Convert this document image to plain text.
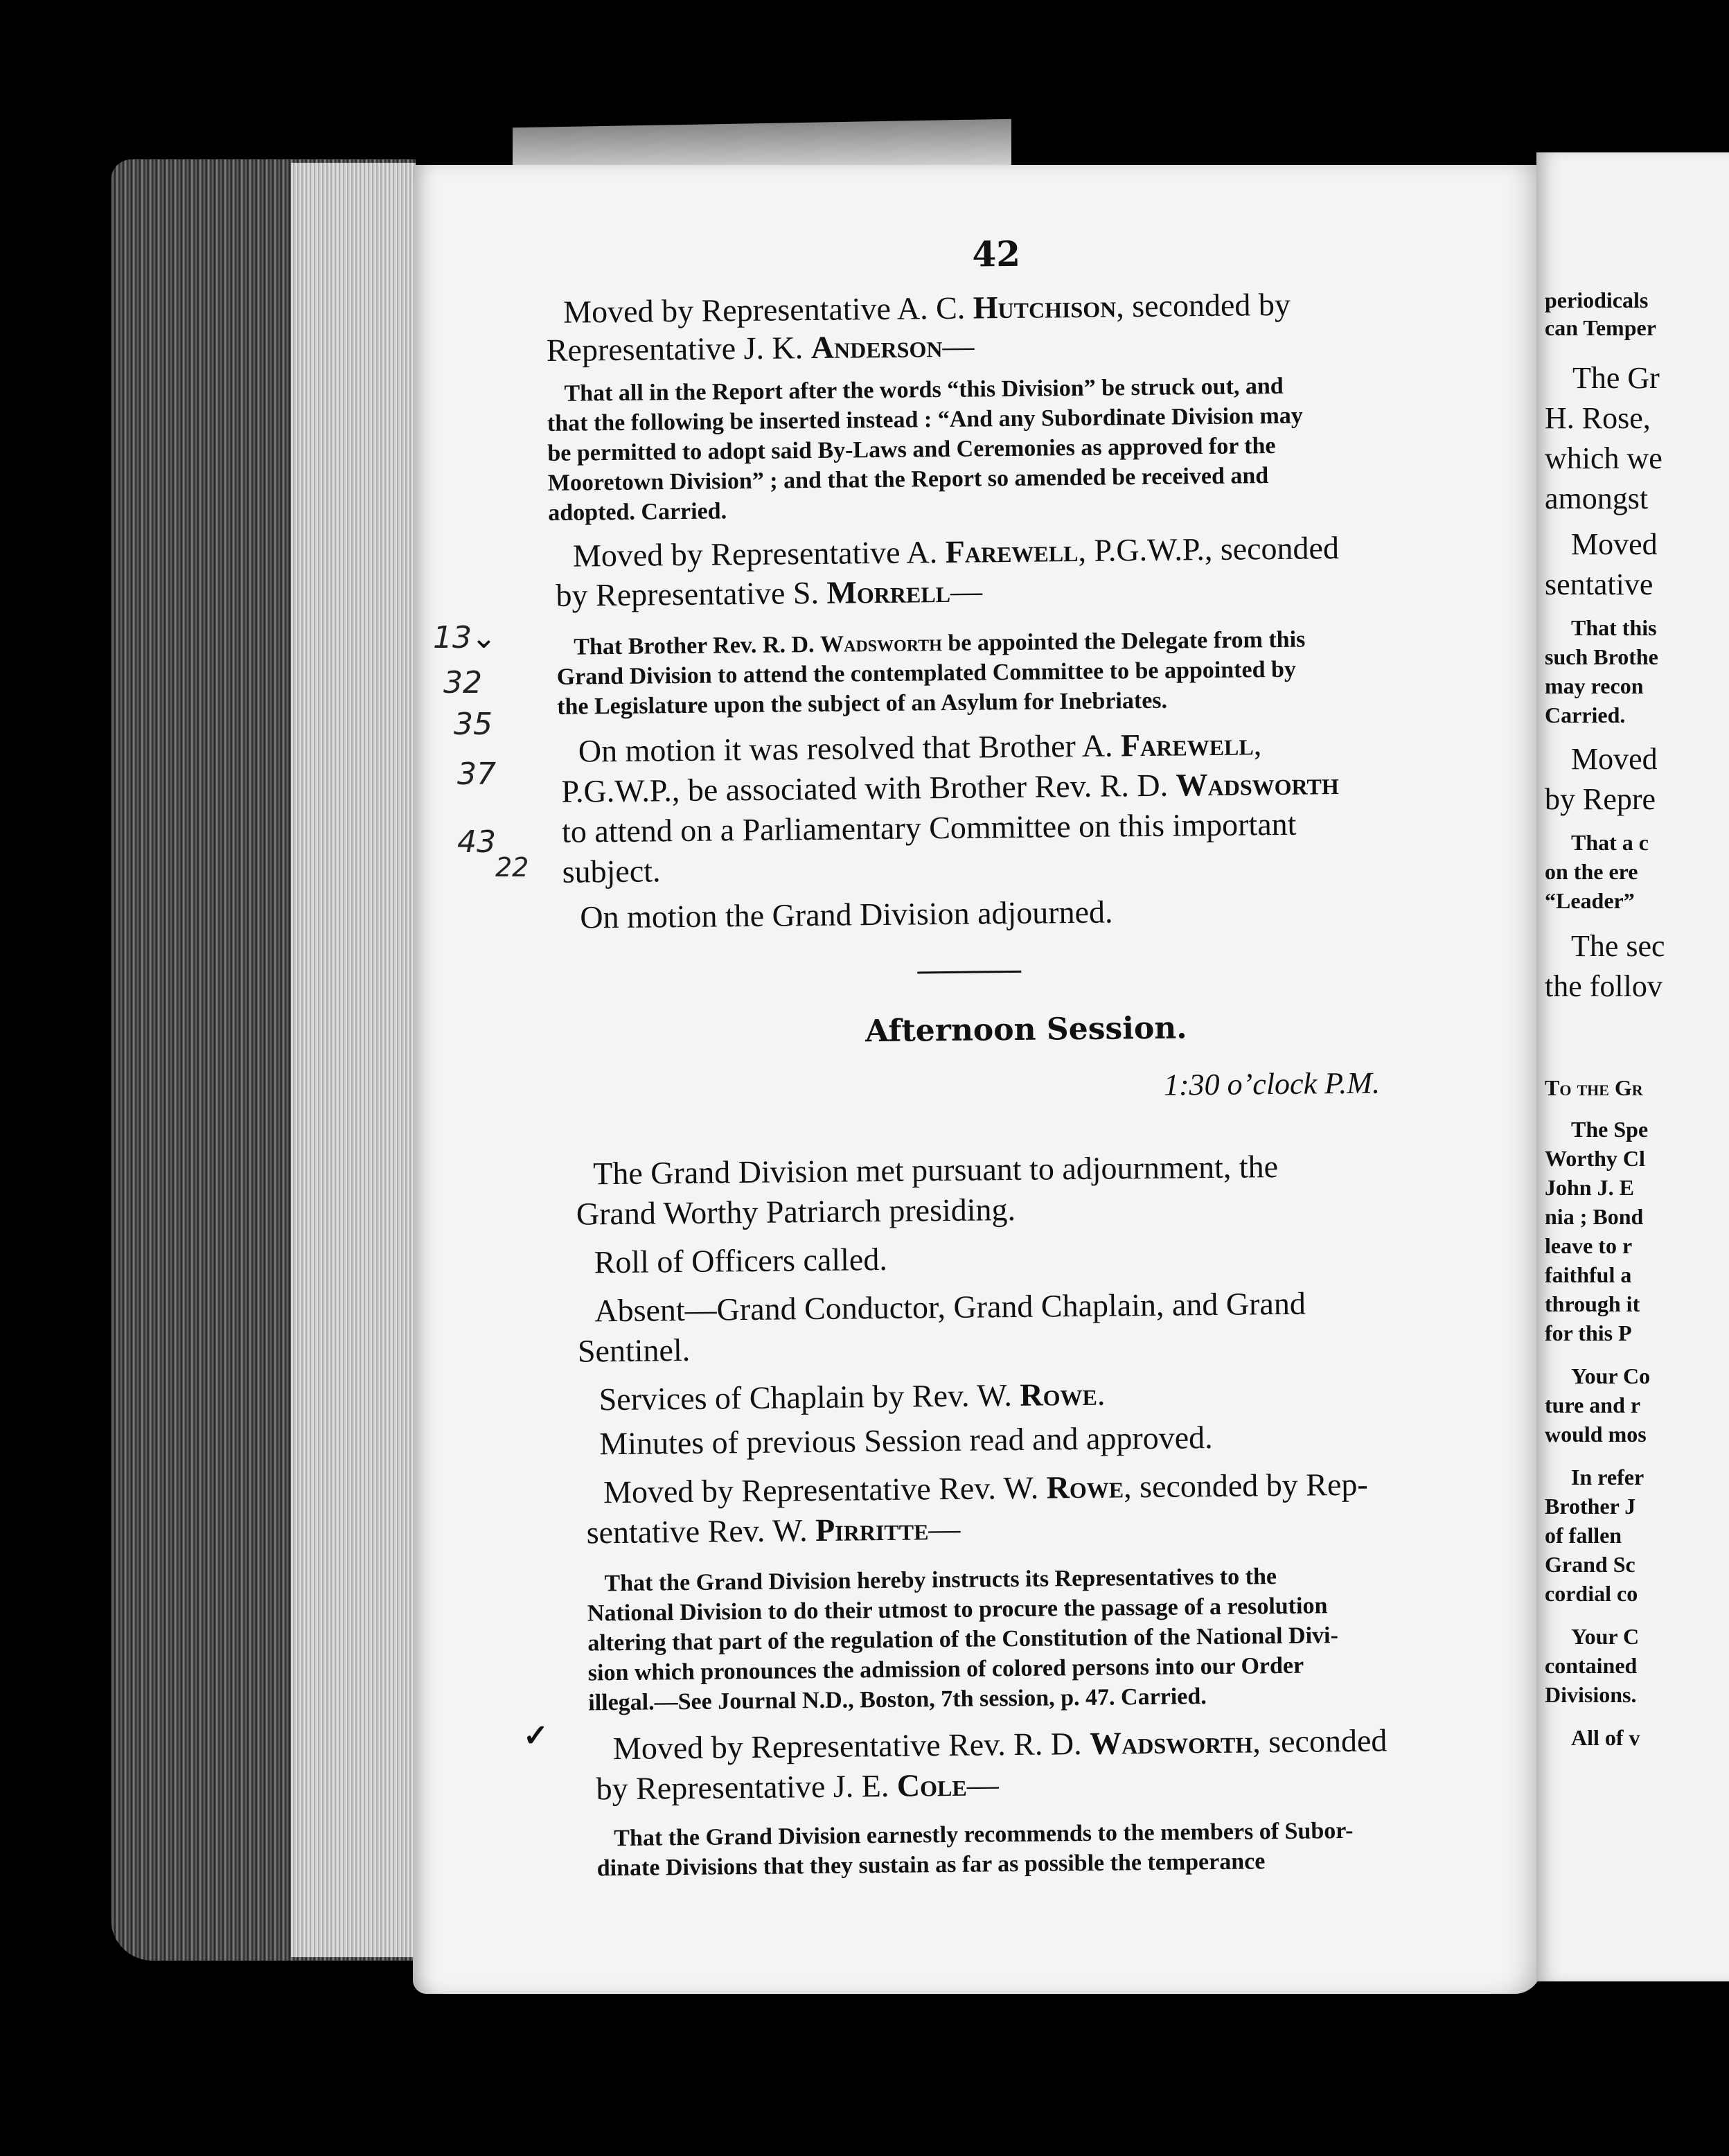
42
Moved by Representative A. C. Hutchison, seconded by
Representative J. K. Anderson—
That all in the Report after the words “this Division” be struck out, and
that the following be inserted instead : “And any Subordinate Division may
be permitted to adopt said By-Laws and Ceremonies as approved for the
Mooretown Division” ; and that the Report so amended be received and
adopted. Carried.
Moved by Representative A. Farewell, P.G.W.P., seconded
by Representative S. Morrell—
That Brother Rev. R. D. Wadsworth be appointed the Delegate from this
Grand Division to attend the contemplated Committee to be appointed by
the Legislature upon the subject of an Asylum for Inebriates.
On motion it was resolved that Brother A. Farewell,
P.G.W.P., be associated with Brother Rev. R. D. Wadsworth
to attend on a Parliamentary Committee on this important
subject.
On motion the Grand Division adjourned.
Afternoon Session.
1:30 o’clock P.M.
The Grand Division met pursuant to adjournment, the
Grand Worthy Patriarch presiding.
Roll of Officers called.
Absent—Grand Conductor, Grand Chaplain, and Grand
Sentinel.
Services of Chaplain by Rev. W. Rowe.
Minutes of previous Session read and approved.
Moved by Representative Rev. W. Rowe, seconded by Rep-
sentative Rev. W. Pirritte—
That the Grand Division hereby instructs its Representatives to the
National Division to do their utmost to procure the passage of a resolution
altering that part of the regulation of the Constitution of the National Divi-
sion which pronounces the admission of colored persons into our Order
illegal.—See Journal N.D., Boston, 7th session, p. 47. Carried.
Moved by Representative Rev. R. D. Wadsworth, seconded
by Representative J. E. Cole—
That the Grand Division earnestly recommends to the members of Subor-
dinate Divisions that they sustain as far as possible the temperance
13 ⌄
32
35
37
43
22
✓
periodicals
can Temper
The Gr
H. Rose,
which we
amongst
Moved
sentative
That this
such Brothe
may recon
Carried.
Moved
by Repre
That a c
on the ere
“Leader”
The sec
the follov
To the Gr
The Spe
Worthy Cl
John J. E
nia ; Bond
leave to r
faithful a
through it
for this P
Your Co
ture and r
would mos
In refer
Brother J
of fallen
Grand Sc
cordial co
Your C
contained
Divisions.
All of v
